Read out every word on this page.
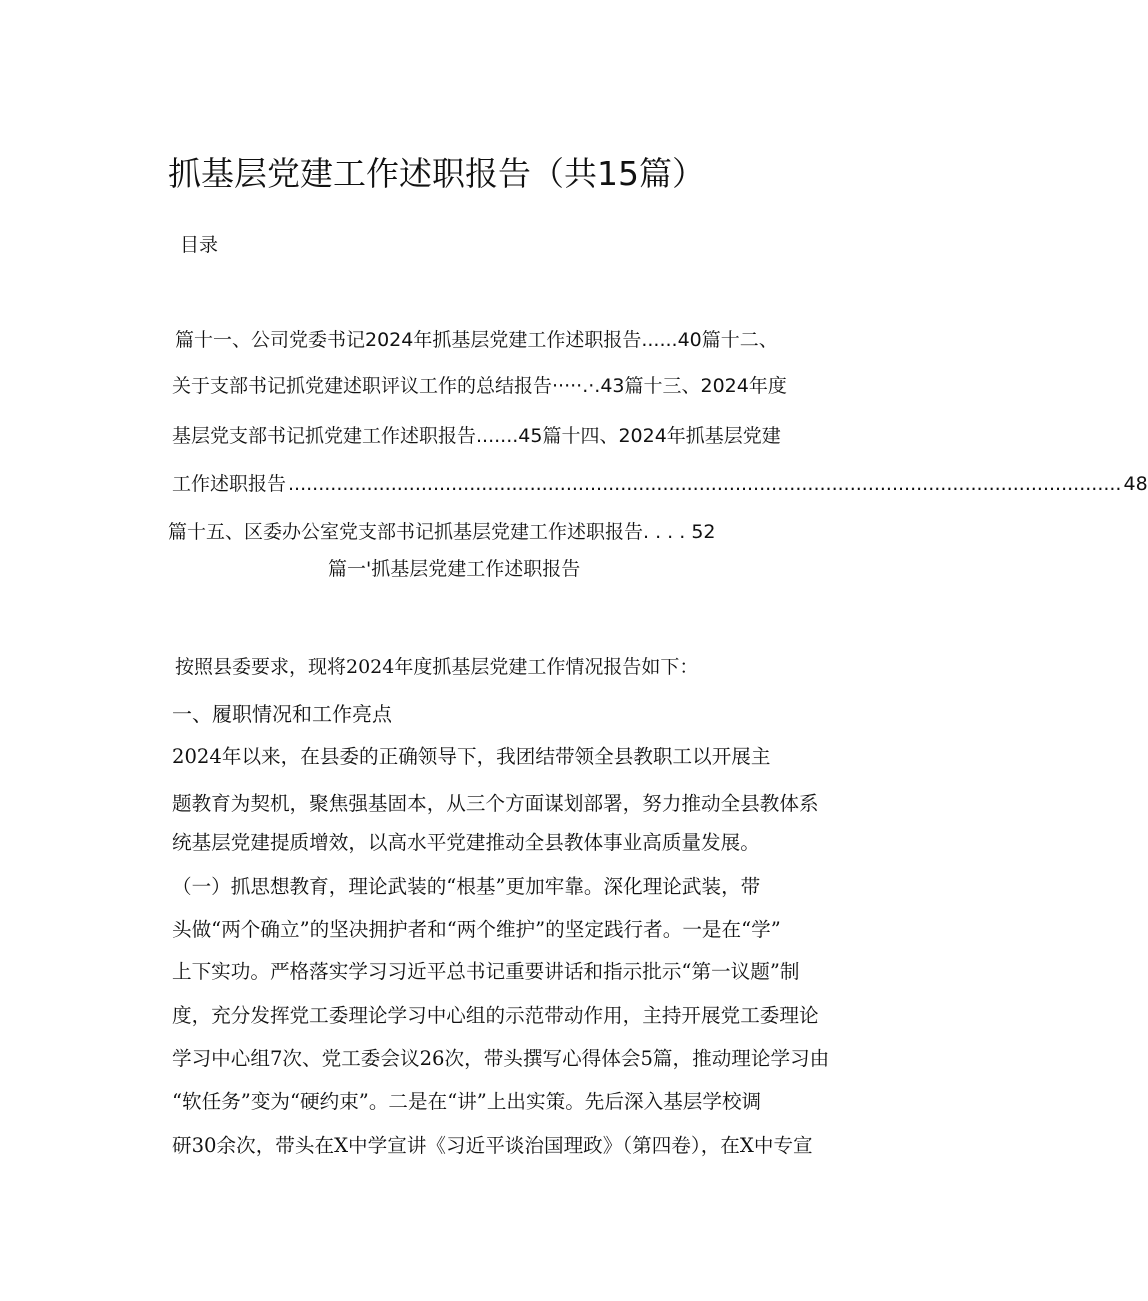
抓基层党建工作述职报告（共15篇）
目录
篇十一、公司党委书记2024年抓基层党建工作述职报告......40篇十二、
关于支部书记抓党建述职评议工作的总结报告·····.·.43篇十三、2024年度
基层党支部书记抓党建工作述职报告.......45篇十四、2024年抓基层党建
工作述职报告 .......................................................................................................................................... 48
篇十五、区委办公室党支部书记抓基层党建工作述职报告. . . . 52
篇一'抓基层党建工作述职报告
按照县委要求，现将2024年度抓基层党建工作情况报告如下：
一、履职情况和工作亮点
2024年以来，在县委的正确领导下，我团结带领全县教职工以开展主
题教育为契机，聚焦强基固本，从三个方面谋划部署，努力推动全县教体系
统基层党建提质增效，以高水平党建推动全县教体事业高质量发展。
（一）抓思想教育，理论武装的“根基”更加牢靠。深化理论武装，带
头做“两个确立”的坚决拥护者和“两个维护”的坚定践行者。一是在“学”
上下实功。严格落实学习习近平总书记重要讲话和指示批示“第一议题”制
度，充分发挥党工委理论学习中心组的示范带动作用，主持开展党工委理论
学习中心组7次、党工委会议26次，带头撰写心得体会5篇，推动理论学习由
“软任务”变为“硬约束”。二是在“讲”上出实策。先后深入基层学校调
研30余次，带头在X中学宣讲《习近平谈治国理政》（第四卷），在X中专宣
